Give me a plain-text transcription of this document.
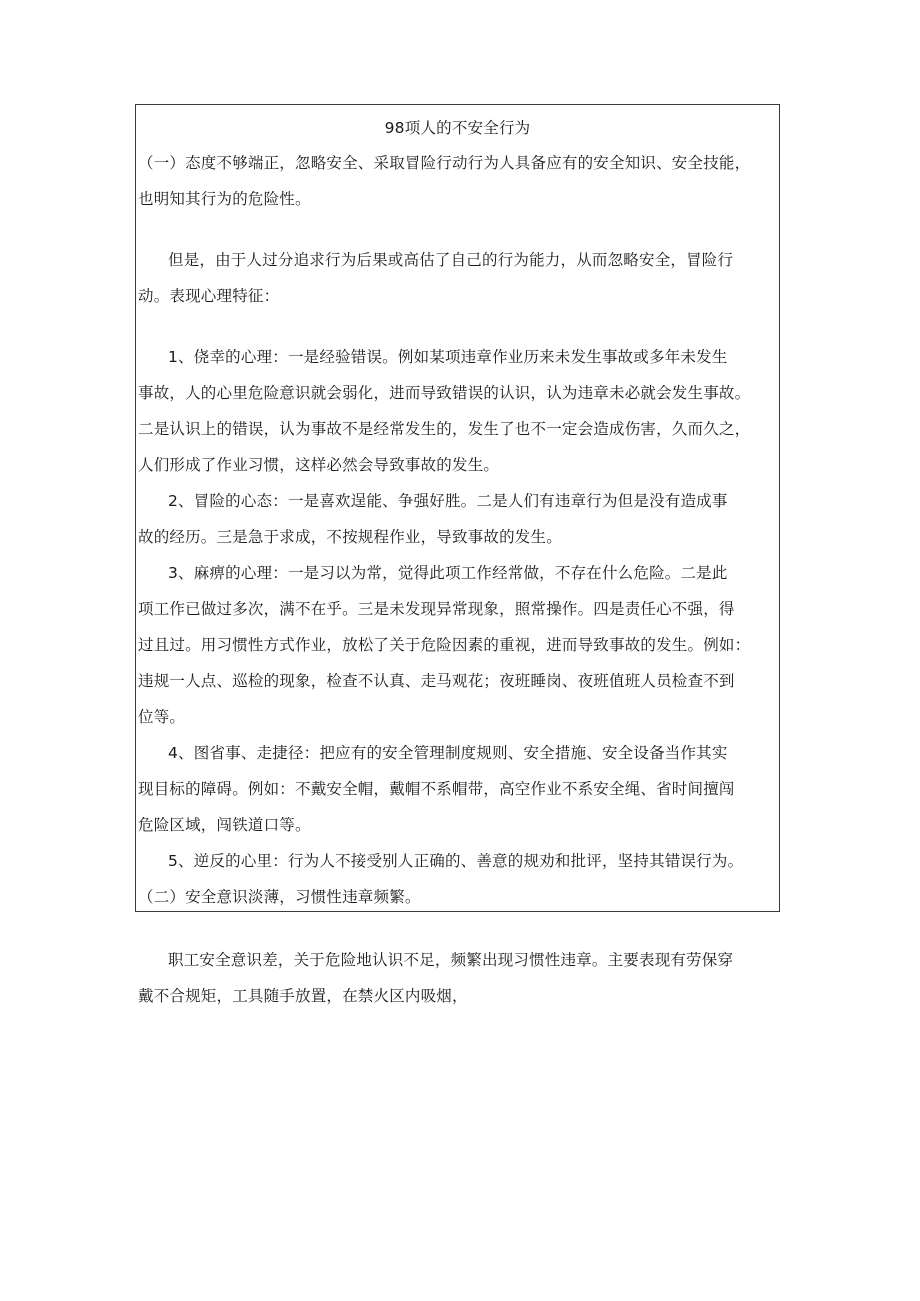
98项人的不安全行为
（一）态度不够端正，忽略安全、采取冒险行动行为人具备应有的安全知识、安全技能，
也明知其行为的危险性。
但是，由于人过分追求行为后果或高估了自己的行为能力，从而忽略安全，冒险行
动。表现心理特征：
1、侥幸的心理：一是经验错误。例如某项违章作业历来未发生事故或多年未发生
事故，人的心里危险意识就会弱化，进而导致错误的认识，认为违章未必就会发生事故。
二是认识上的错误，认为事故不是经常发生的，发生了也不一定会造成伤害，久而久之，
人们形成了作业习惯，这样必然会导致事故的发生。
2、冒险的心态：一是喜欢逞能、争强好胜。二是人们有违章行为但是没有造成事
故的经历。三是急于求成，不按规程作业，导致事故的发生。
3、麻痹的心理：一是习以为常，觉得此项工作经常做，不存在什么危险。二是此
项工作已做过多次，满不在乎。三是未发现异常现象，照常操作。四是责任心不强，得
过且过。用习惯性方式作业，放松了关于危险因素的重视，进而导致事故的发生。例如：
违规一人点、巡检的现象，检查不认真、走马观花；夜班睡岗、夜班值班人员检查不到
位等。
4、图省事、走捷径：把应有的安全管理制度规则、安全措施、安全设备当作其实
现目标的障碍。例如：不戴安全帽，戴帽不系帽带，高空作业不系安全绳、省时间擅闯
危险区域，闯铁道口等。
5、逆反的心里：行为人不接受别人正确的、善意的规劝和批评，坚持其错误行为。
（二）安全意识淡薄，习惯性违章频繁。
职工安全意识差，关于危险地认识不足，频繁出现习惯性违章。主要表现有劳保穿
戴不合规矩，工具随手放置，在禁火区内吸烟，
